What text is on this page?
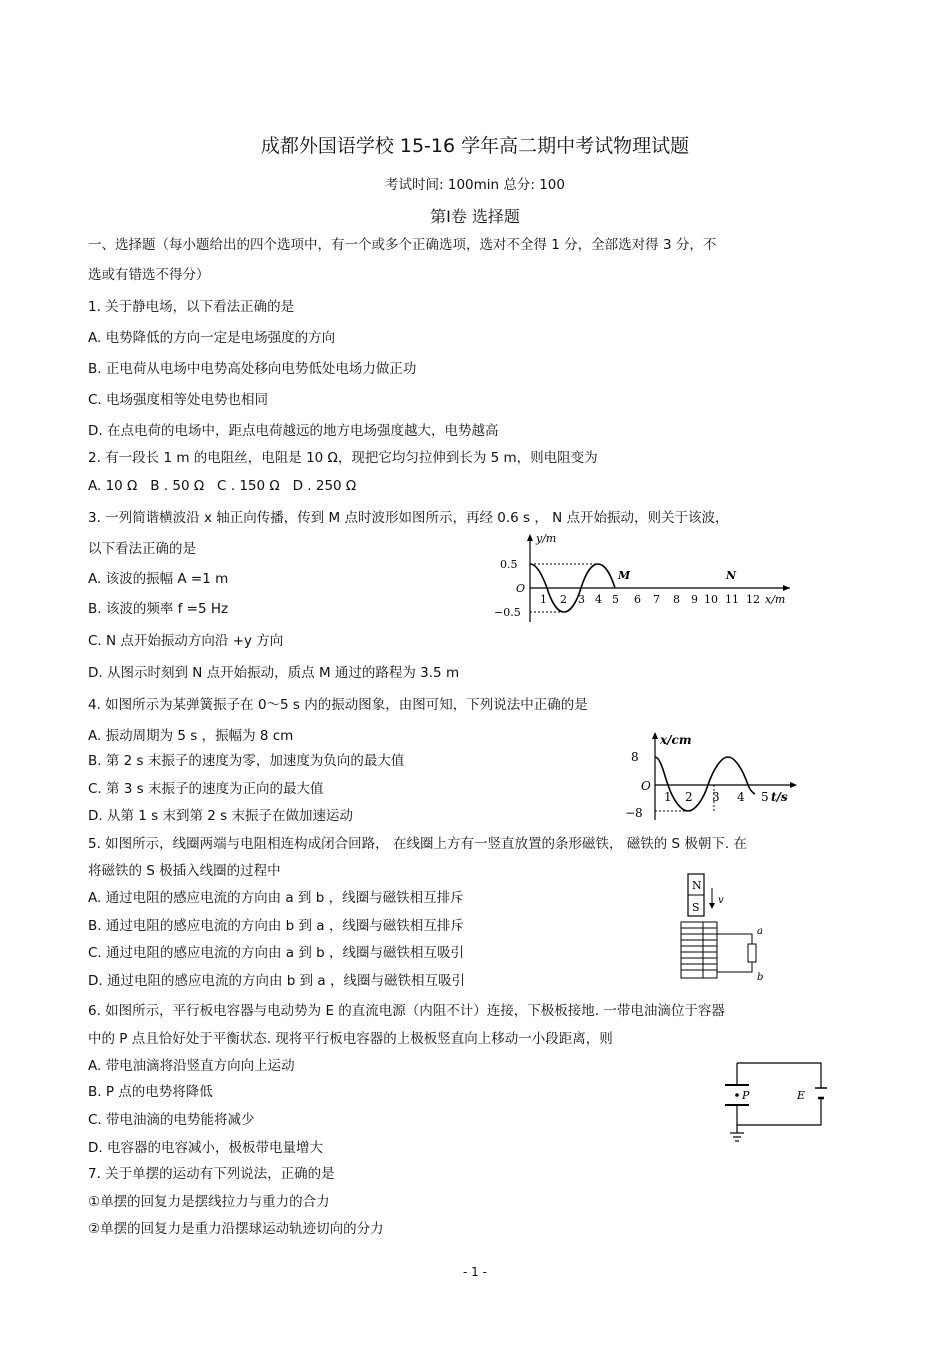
成都外国语学校 15-16 学年高二期中考试物理试题
考试时间: 100min 总分: 100
第Ⅰ卷 选择题
一、选择题（每小题给出的四个选项中，有一个或多个正确选项，选对不全得 1 分，全部选对得 3 分，不
选或有错选不得分）
1. 关于静电场，以下看法正确的是
A. 电势降低的方向一定是电场强度的方向
B. 正电荷从电场中电势高处移向电势低处电场力做正功
C. 电场强度相等处电势也相同
D. 在点电荷的电场中，距点电荷越远的地方电场强度越大，电势越高
2. 有一段长 1 m 的电阻丝，电阻是 10 Ω，现把它均匀拉伸到长为 5 m，则电阻变为
A. 10 Ω   B . 50 Ω   C . 150 Ω   D . 250 Ω
3. 一列简谐横波沿 x 轴正向传播，传到 M 点时波形如图所示，再经 0.6 s ， N 点开始振动，则关于该波，
以下看法正确的是
A. 该波的振幅 A =1 m
B. 该波的频率 f =5 Hz
C. N 点开始振动方向沿 +y 方向
D. 从图示时刻到 N 点开始振动，质点 M 通过的路程为 3.5 m
y/m
0.5
−0.5
O
M	N
1 2 3 4 5 6 7 8 9 10 11 12 x/m
4. 如图所示为某弹簧振子在 0～5 s 内的振动图象，由图可知，下列说法中正确的是
A. 振动周期为 5 s ，振幅为 8 cm
B. 第 2 s 末振子的速度为零，加速度为负向的最大值
C. 第 3 s 末振子的速度为正向的最大值
D. 从第 1 s 末到第 2 s 末振子在做加速运动
x/cm
8
−8
O
1 2 3 4 5 t/s
5. 如图所示，线圈两端与电阻相连构成闭合回路， 在线圈上方有一竖直放置的条形磁铁， 磁铁的 S 极朝下. 在
将磁铁的 S 极插入线圈的过程中
A. 通过电阻的感应电流的方向由 a 到 b ，线圈与磁铁相互排斥
B. 通过电阻的感应电流的方向由 b 到 a ，线圈与磁铁相互排斥
C. 通过电阻的感应电流的方向由 a 到 b ，线圈与磁铁相互吸引
D. 通过电阻的感应电流的方向由 b 到 a ，线圈与磁铁相互吸引
N
S
v
a
b
6. 如图所示，平行板电容器与电动势为 E 的直流电源（内阻不计）连接，下极板接地. 一带电油滴位于容器
中的 P 点且恰好处于平衡状态. 现将平行板电容器的上极板竖直向上移动一小段距离，则
A. 带电油滴将沿竖直方向向上运动
B. P 点的电势将降低
C. 带电油滴的电势能将减少
D. 电容器的电容减小，极板带电量增大
P	E
7. 关于单摆的运动有下列说法，正确的是
①单摆的回复力是摆线拉力与重力的合力
②单摆的回复力是重力沿摆球运动轨迹切向的分力
- 1 -
